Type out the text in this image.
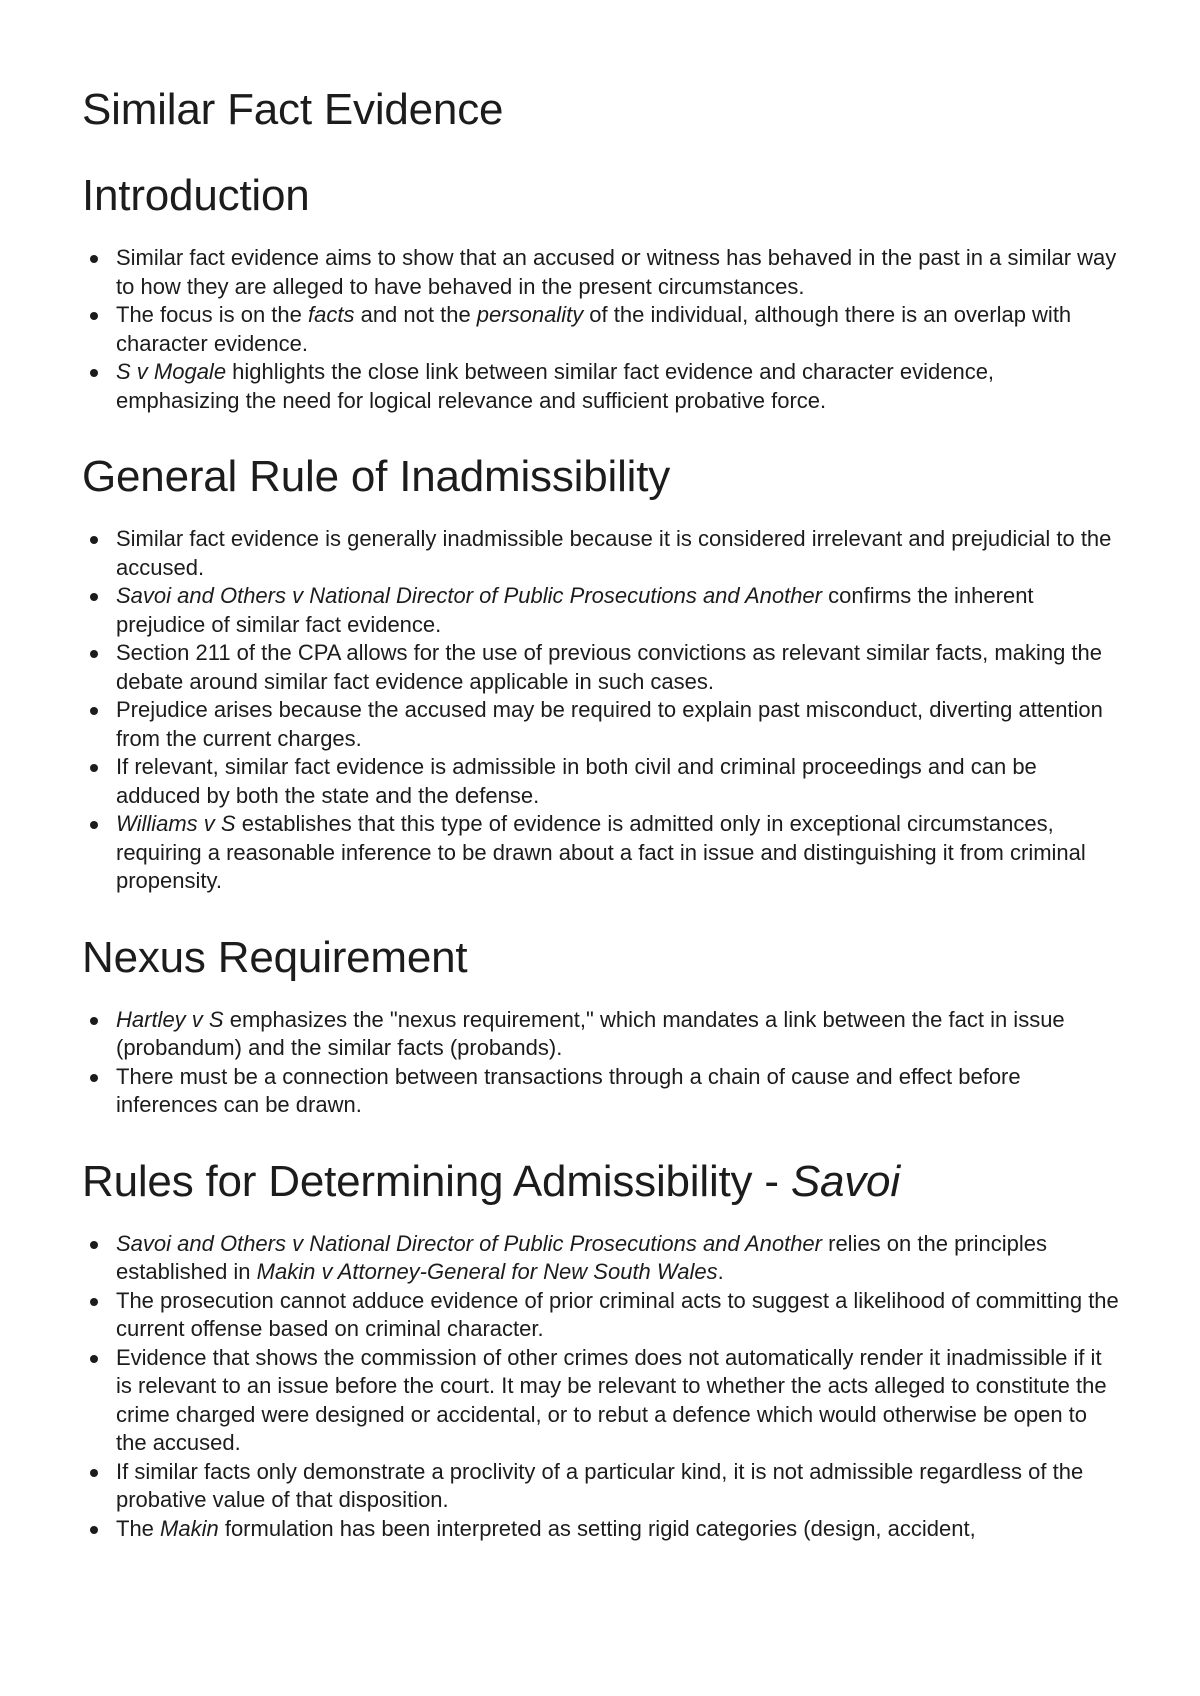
Similar Fact Evidence
Introduction
Similar fact evidence aims to show that an accused or witness has behaved in the past in a similar way to how they are alleged to have behaved in the present circumstances.
The focus is on the facts and not the personality of the individual, although there is an overlap with character evidence.
S v Mogale highlights the close link between similar fact evidence and character evidence, emphasizing the need for logical relevance and sufficient probative force.
General Rule of Inadmissibility
Similar fact evidence is generally inadmissible because it is considered irrelevant and prejudicial to the accused.
Savoi and Others v National Director of Public Prosecutions and Another confirms the inherent prejudice of similar fact evidence.
Section 211 of the CPA allows for the use of previous convictions as relevant similar facts, making the debate around similar fact evidence applicable in such cases.
Prejudice arises because the accused may be required to explain past misconduct, diverting attention from the current charges.
If relevant, similar fact evidence is admissible in both civil and criminal proceedings and can be adduced by both the state and the defense.
Williams v S establishes that this type of evidence is admitted only in exceptional circumstances, requiring a reasonable inference to be drawn about a fact in issue and distinguishing it from criminal propensity.
Nexus Requirement
Hartley v S emphasizes the "nexus requirement," which mandates a link between the fact in issue (probandum) and the similar facts (probands).
There must be a connection between transactions through a chain of cause and effect before inferences can be drawn.
Rules for Determining Admissibility - Savoi
Savoi and Others v National Director of Public Prosecutions and Another relies on the principles established in Makin v Attorney-General for New South Wales.
The prosecution cannot adduce evidence of prior criminal acts to suggest a likelihood of committing the current offense based on criminal character.
Evidence that shows the commission of other crimes does not automatically render it inadmissible if it is relevant to an issue before the court. It may be relevant to whether the acts alleged to constitute the crime charged were designed or accidental, or to rebut a defence which would otherwise be open to the accused.
If similar facts only demonstrate a proclivity of a particular kind, it is not admissible regardless of the probative value of that disposition.
The Makin formulation has been interpreted as setting rigid categories (design, accident,
